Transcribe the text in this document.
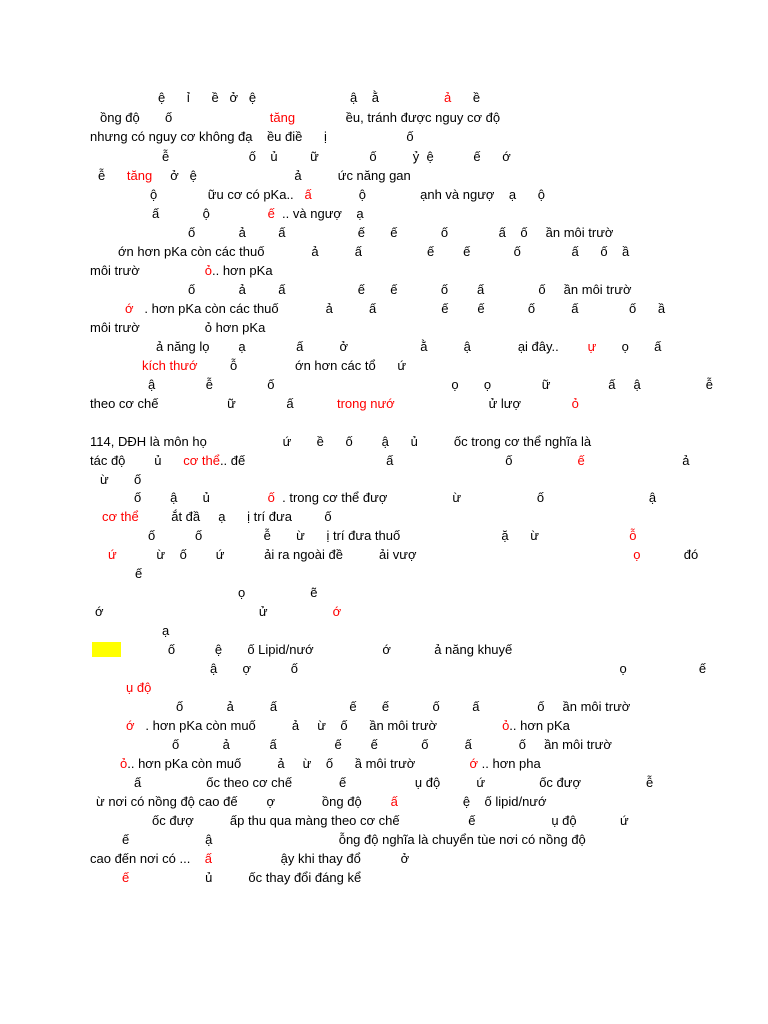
ệ      ỉ      ề   ở   ệ                          ậ    ằ                  ả      ề
ồng độ       ố                           tăng              ều, tránh được nguy cơ độ
nhưng có nguy cơ không đạ    ều điề      ị                      ố
ễ                      ố    ủ         ữ              ố          ỷ  ệ           ế      ớ
ễ      tăng     ở   ệ                           ả          ức năng gan
ộ              ữu cơ có pKa..   ấ             ộ               ạnh và ngượ    ạ      ộ
ấ            ộ                ế  .. và ngượ    ạ
ố            ả         ấ                    ế       ế            ố              ấ    ố     ần môi trườ
ớn hơn pKa còn các thuố             ả          ấ                  ế        ế            ố              ấ      ố    ầ
môi trườ                  ỏ.. hơn pKa
ố            ả         ấ                    ế       ế            ố        ấ               ố     ần môi trườ
ớ   . hơn pKa còn các thuố             ả          ấ                  ế        ế            ố          ấ              ố      ầ
môi trườ                  ỏ hơn pKa
ả năng lọ        ạ              ấ          ở                    ằ          ậ             ại đây..        ự       ọ       ấ
kích thướ         ỗ                ớn hơn các tổ      ứ
ậ              ễ               ố                                                 ọ       ọ              ữ                ấ     ậ                  ễ
theo cơ chế                   ữ              ấ            trong nướ                          ử lượ              ỏ
114, DĐH là môn họ                     ứ       ề      ố        ậ      ủ          ốc trong cơ thể nghĩa là
tác độ        ủ      cơ thể.. đế                                       ấ                               ố                  ế                           ả
ừ       ố
ố        ậ       ủ                ố  . trong cơ thể đượ                  ừ                     ố                             ậ
cơ thể         ắt đầ     ạ      ị trí đưa         ố
ố           ố                 ễ       ừ      ị trí đưa thuố                            ặ      ừ                         ỗ
ứ           ừ    ố        ứ           ải ra ngoài đề          ải vượ                                                            ọ            đó
ế
ọ                  ẽ
ớ                                           ử                  ớ
ạ
ố           ệ       ố Lipid/nướ                   ớ            ả năng khuyế
ậ       ợ           ố                                                                                         ọ                    ế
ụ độ
ố            ả          ấ                    ế       ế            ố         ấ                ố     ần môi trườ
ớ   . hơn pKa còn muố          ả     ừ    ố      ần môi trườ                  ỏ.. hơn pKa
ố            ả           ấ                ế        ế            ố          ấ             ố     ần môi trườ
ỏ.. hơn pKa còn muố          ả     ừ    ố      ầ môi trườ               ớ .. hơn pha
ấ                  ốc theo cơ chế             ế                   ụ độ          ứ               ốc đượ                  ễ
ừ nơi có nồng độ cao đế        ợ             ồng độ        ấ                  ệ    ố lipid/nướ
ốc đượ          ấp thu qua màng theo cơ chế                   ế                     ụ độ            ứ
ế                     ậ                                   ỗng độ nghĩa là chuyển tùe nơi có nồng độ
cao đến nơi có ...    ấ                   ậy khi thay đổ           ở
ế                     ủ          ốc thay đổi đáng kể
